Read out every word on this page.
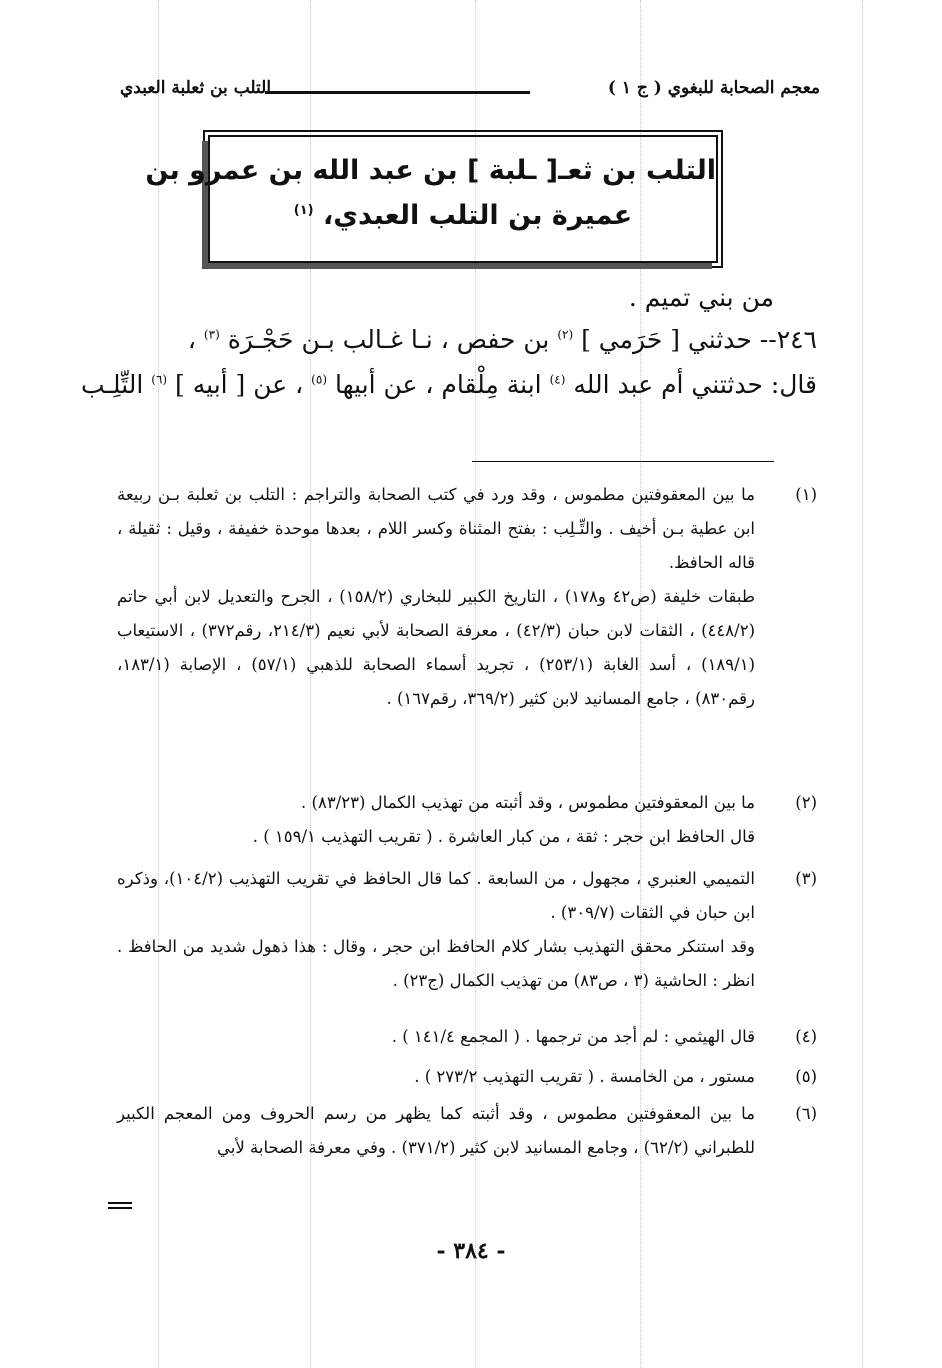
معجم الصحابة للبغوي ( ج ١ )
التلب بن ثعلبة العبدي
التلب بن ثعـ[ ـلبة ] بن عبد الله بن عمرو بن
عميرة بن التلب العبدي، $^{(١)}$
من بني تميم .
٢٤٦-- حدثني [ حَرَمي ] $^{(٢)}$ بن حفص ، نـا غـالب بـن حَجْـرَة $^{(٣)}$ ،
قال: حدثتني أم عبد الله $^{(٤)}$ ابنة مِلْقام ، عن أبيها $^{(٥)}$ ، عن [ أبيه ] $^{(٦)}$ التِّلِـب
(١)
ما بين المعقوفتين مطموس ، وقد ورد في كتب الصحابة والتراجم : التلب بن ثعلبة بـن ربيعة ابن عطية بـن أخيف . والتِّـلِب : بفتح المثناة وكسر اللام ، بعدها موحدة خفيفة ، وقيل : ثقيلة ، قاله الحافظ.
طبقات خليفة (ص٤٢ و١٧٨) ، التاريخ الكبير للبخاري (١٥٨/٢) ، الجرح والتعديل لابن أبي حاتم (٤٤٨/٢) ، الثقات لابن حبان (٤٢/٣) ، معرفة الصحابة لأبي نعيم (٢١٤/٣، رقم٣٧٢) ، الاستيعاب (١٨٩/١) ، أسد الغابة (٢٥٣/١) ، تجريد أسماء الصحابة للذهبي (٥٧/١) ، الإصابة (١٨٣/١، رقم٨٣٠) ، جامع المسانيد لابن كثير (٣٦٩/٢، رقم١٦٧) .
(٢)
ما بين المعقوفتين مطموس ، وقد أثبته من تهذيب الكمال (٨٣/٢٣) .
قال الحافظ ابن حجر : ثقة ، من كبار العاشرة . ( تقريب التهذيب ١٥٩/١ ) .
(٣)
التميمي العنبري ، مجهول ، من السابعة . كما قال الحافظ في تقريب التهذيب (١٠٤/٢)، وذكره ابن حبان في الثقات (٣٠٩/٧) .
وقد استنكر محقق التهذيب بشار كلام الحافظ ابن حجر ، وقال : هذا ذهول شديد من الحافظ . انظر : الحاشية (٣ ، ص٨٣) من تهذيب الكمال (ج٢٣) .
(٤)
قال الهيثمي : لم أجد من ترجمها . ( المجمع ١٤١/٤ ) .
(٥)
مستور ، من الخامسة . ( تقريب التهذيب ٢٧٣/٢ ) .
(٦)
ما بين المعقوفتين مطموس ، وقد أثبته كما يظهر من رسم الحروف ومن المعجم الكبير للطبراني (٦٢/٢) ، وجامع المسانيد لابن كثير (٣٧١/٢) . وفي معرفة الصحابة لأبي
- ٣٨٤ -
